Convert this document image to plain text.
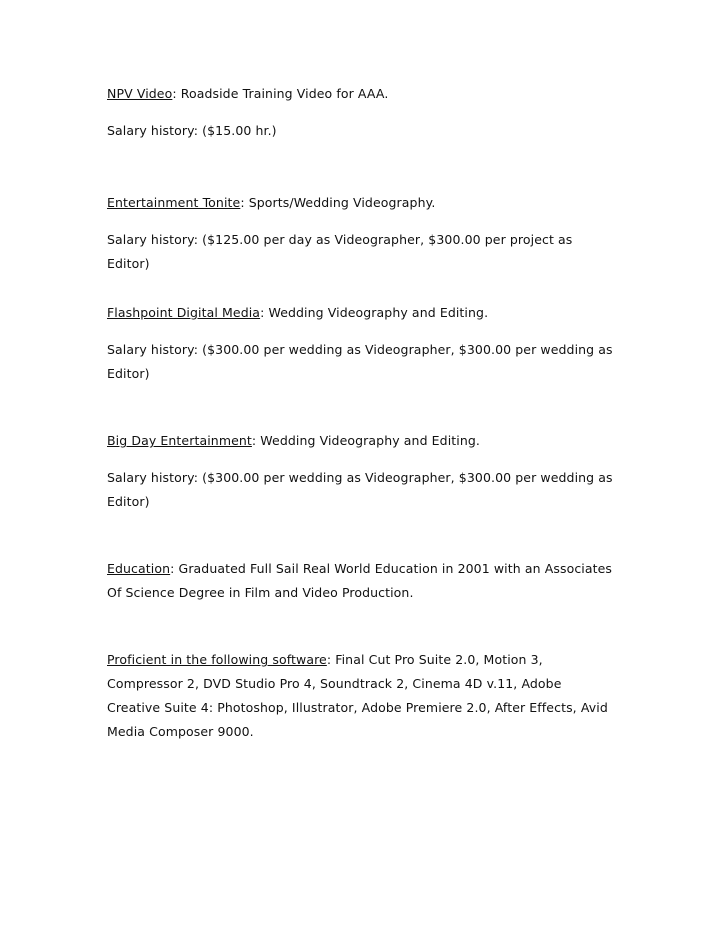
NPV Video: Roadside Training Video for AAA.

Salary history: ($15.00 hr.)

Entertainment Tonite: Sports/Wedding Videography.

Salary history: ($125.00 per day as Videographer, $300.00 per project as Editor)

Flashpoint Digital Media: Wedding Videography and Editing.

Salary history: ($300.00 per wedding as Videographer, $300.00 per wedding as Editor)

Big Day Entertainment: Wedding Videography and Editing.

Salary history: ($300.00 per wedding as Videographer, $300.00 per wedding as Editor)

Education: Graduated Full Sail Real World Education in 2001 with an Associates Of Science Degree in Film and Video Production.

Proficient in the following software: Final Cut Pro Suite 2.0, Motion 3, Compressor 2, DVD Studio Pro 4, Soundtrack 2, Cinema 4D v.11, Adobe Creative Suite 4: Photoshop, Illustrator, Adobe Premiere 2.0, After Effects, Avid Media Composer 9000.
